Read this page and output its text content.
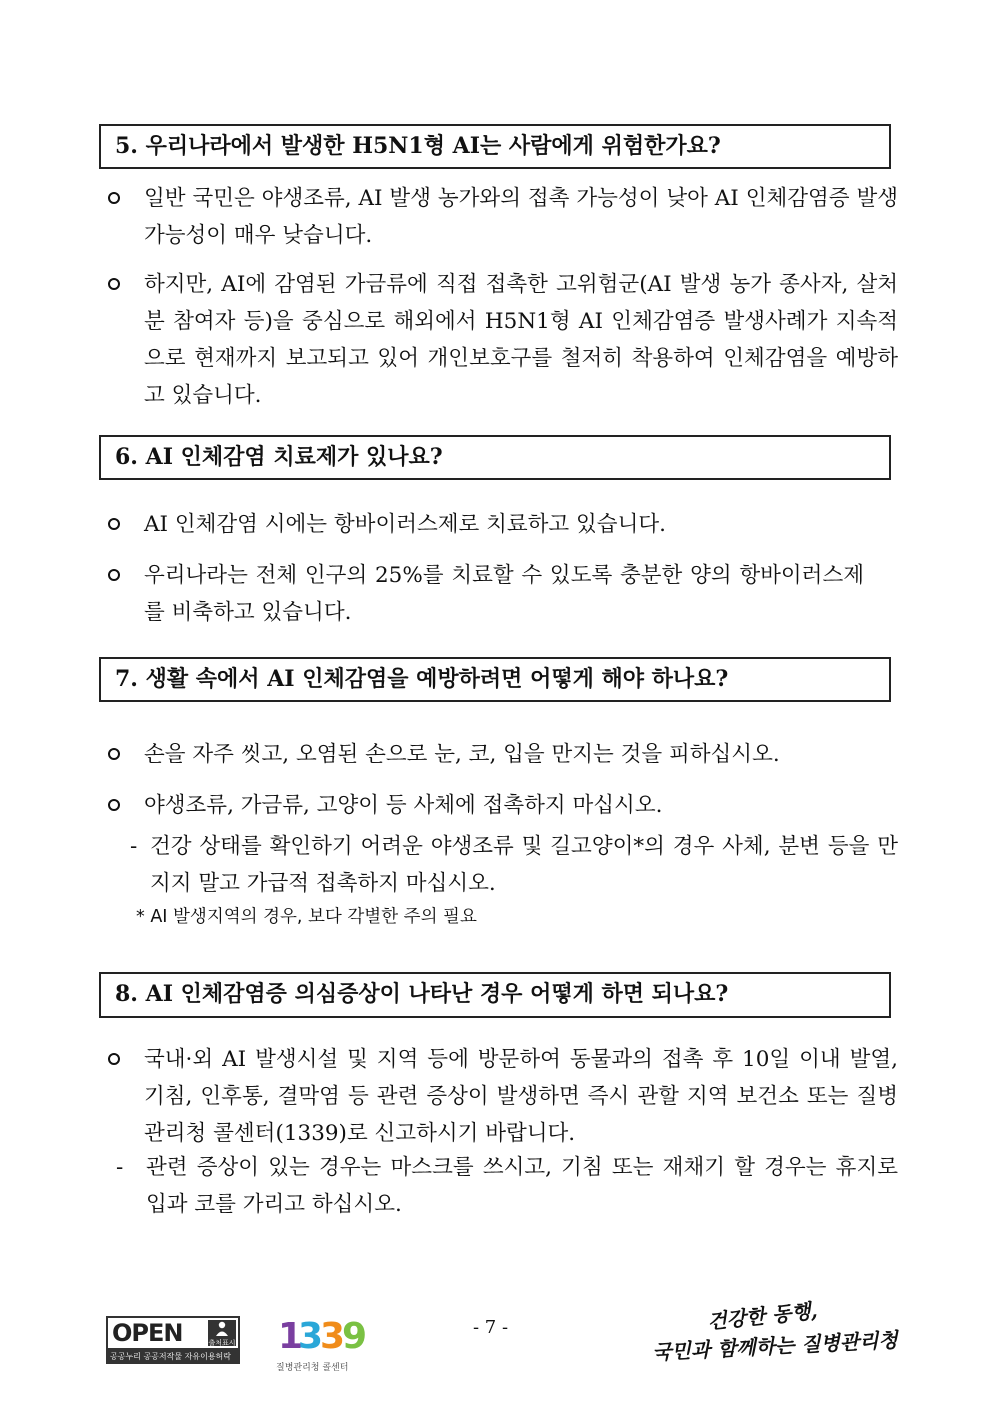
5. 우리나라에서 발생한 H5N1형 AI는 사람에게 위험한가요?
일반 국민은 야생조류, AI 발생 농가와의 접촉 가능성이 낮아 AI 인체감염증 발생 가능성이 매우 낮습니다.
하지만, AI에 감염된 가금류에 직접 접촉한 고위험군(AI 발생 농가 종사자, 살처분 참여자 등)을 중심으로 해외에서 H5N1형 AI 인체감염증 발생사례가 지속적으로 현재까지 보고되고 있어 개인보호구를 철저히 착용하여 인체감염을 예방하고 있습니다.
6. AI 인체감염 치료제가 있나요?
AI 인체감염 시에는 항바이러스제로 치료하고 있습니다.
우리나라는 전체 인구의 25%를 치료할 수 있도록 충분한 양의 항바이러스제를 비축하고 있습니다.
7. 생활 속에서 AI 인체감염을 예방하려면 어떻게 해야 하나요?
손을 자주 씻고, 오염된 손으로 눈, 코, 입을 만지는 것을 피하십시오.
야생조류, 가금류, 고양이 등 사체에 접촉하지 마십시오.
- 건강 상태를 확인하기 어려운 야생조류 및 길고양이*의 경우 사체, 분변 등을 만지지 말고 가급적 접촉하지 마십시오.
* AI 발생지역의 경우, 보다 각별한 주의 필요
8. AI 인체감염증 의심증상이 나타난 경우 어떻게 하면 되나요?
국내·외 AI 발생시설 및 지역 등에 방문하여 동물과의 접촉 후 10일 이내 발열, 기침, 인후통, 결막염 등 관련 증상이 발생하면 즉시 관할 지역 보건소 또는 질병관리청 콜센터(1339)로 신고하시기 바랍니다.
- 관련 증상이 있는 경우는 마스크를 쓰시고, 기침 또는 재채기 할 경우는 휴지로 입과 코를 가리고 하십시오.
OPEN	출처표시
공공누리 공공저작물 자유이용허락 1
3
3
9
질병관리청 콜센터
- 7 -	건강한 동행,
국민과 함께하는 질병관리청
